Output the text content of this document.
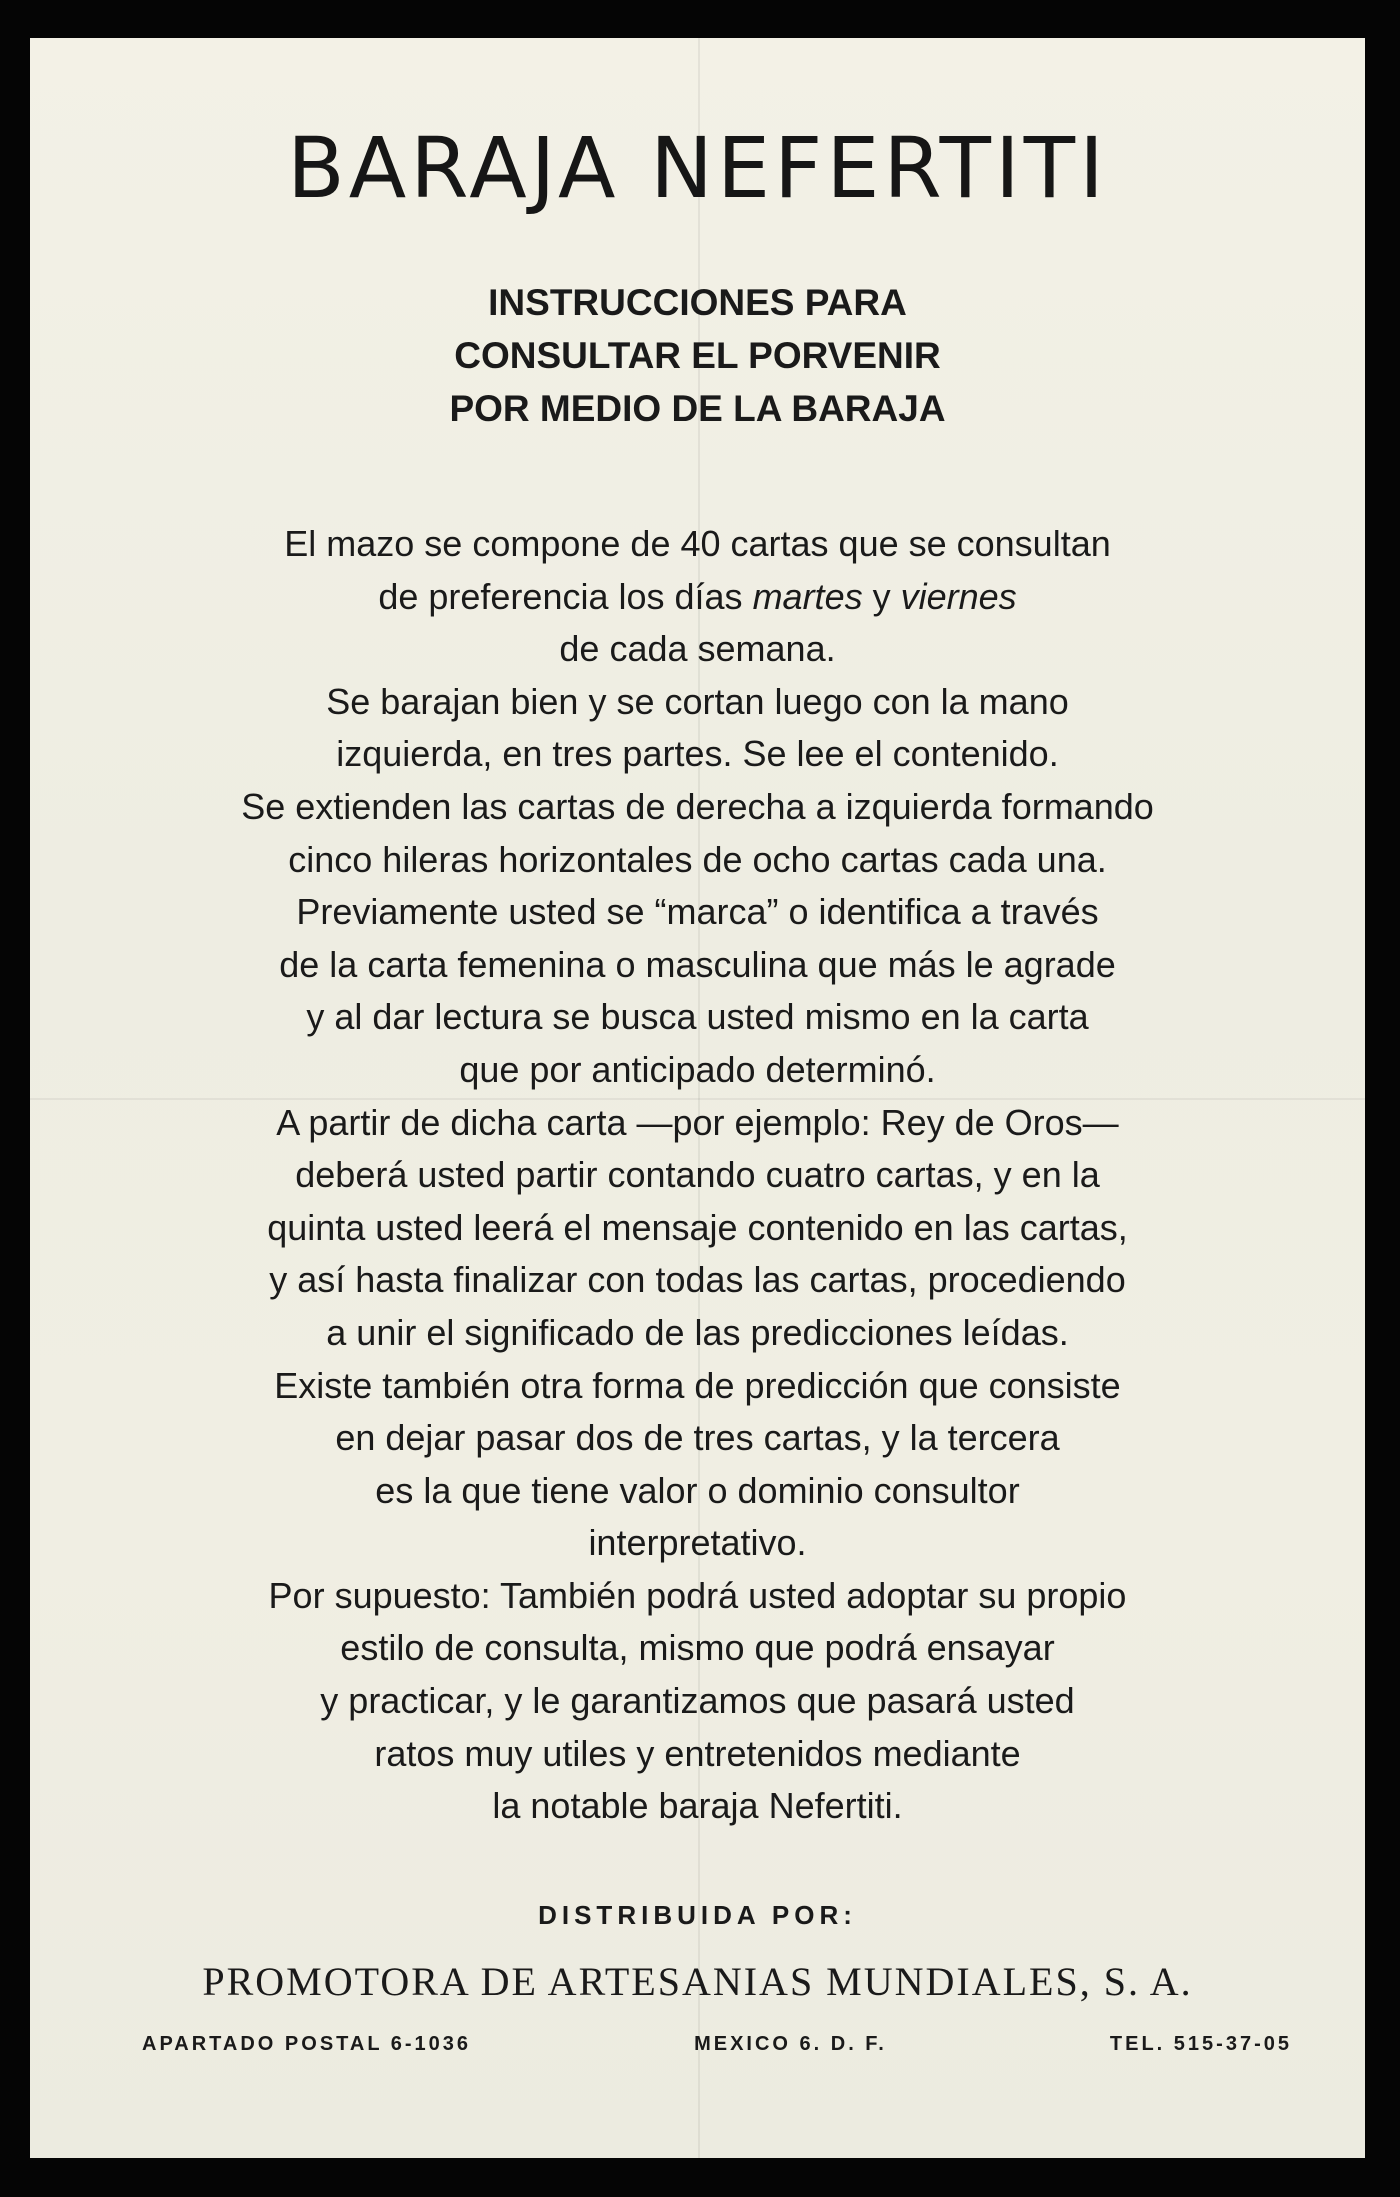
BARAJA NEFERTITI
INSTRUCCIONES PARA
CONSULTAR EL PORVENIR
POR MEDIO DE LA BARAJA
El mazo se compone de 40 cartas que se consultan
de preferencia los días martes y viernes
de cada semana.
Se barajan bien y se cortan luego con la mano
izquierda, en tres partes. Se lee el contenido.
Se extienden las cartas de derecha a izquierda formando
cinco hileras horizontales de ocho cartas cada una.
Previamente usted se “marca” o identifica a través
de la carta femenina o masculina que más le agrade
y al dar lectura se busca usted mismo en la carta
que por anticipado determinó.
A partir de dicha carta —por ejemplo: Rey de Oros—
deberá usted partir contando cuatro cartas, y en la
quinta usted leerá el mensaje contenido en las cartas,
y así hasta finalizar con todas las cartas, procediendo
a unir el significado de las predicciones leídas.
Existe también otra forma de predicción que consiste
en dejar pasar dos de tres cartas, y la tercera
es la que tiene valor o dominio consultor
interpretativo.
Por supuesto: También podrá usted adoptar su propio
estilo de consulta, mismo que podrá ensayar
y practicar, y le garantizamos que pasará usted
ratos muy utiles y entretenidos mediante
la notable baraja Nefertiti.
DISTRIBUIDA POR:
PROMOTORA DE ARTESANIAS MUNDIALES, S. A.
APARTADO POSTAL 6-1036	MEXICO 6. D. F.	TEL. 515-37-05
